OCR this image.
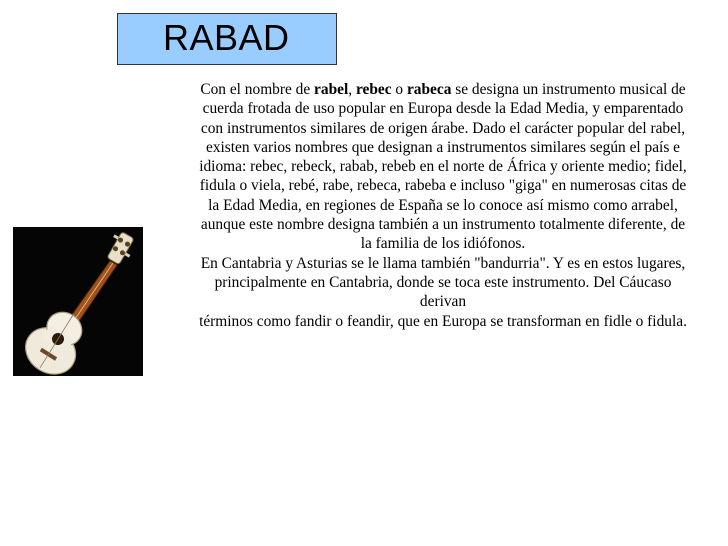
RABAD

Con el nombre de rabel, rebec o rabeca se designa un instrumento musical de cuerda frotada de uso popular en Europa desde la Edad Media, y emparentado con instrumentos similares de origen árabe. Dado el carácter popular del rabel, existen varios nombres que designan a instrumentos similares según el país e idioma: rebec, rebeck, rabab, rebeb en el norte de África y oriente medio; fidel, fidula o viela, rebé, rabe, rebeca, rabeba e incluso "giga" en numerosas citas de la Edad Media, en regiones de España se lo conoce así mismo como arrabel, aunque este nombre designa también a un instrumento totalmente diferente, de la familia de los idiófonos.

En Cantabria y Asturias se le llama también "bandurria". Y es en estos lugares,

principalmente en Cantabria, donde se toca este instrumento. Del Cáucaso derivan

términos como fandir o feandir, que en Europa se transforman en fidle o fidula.
